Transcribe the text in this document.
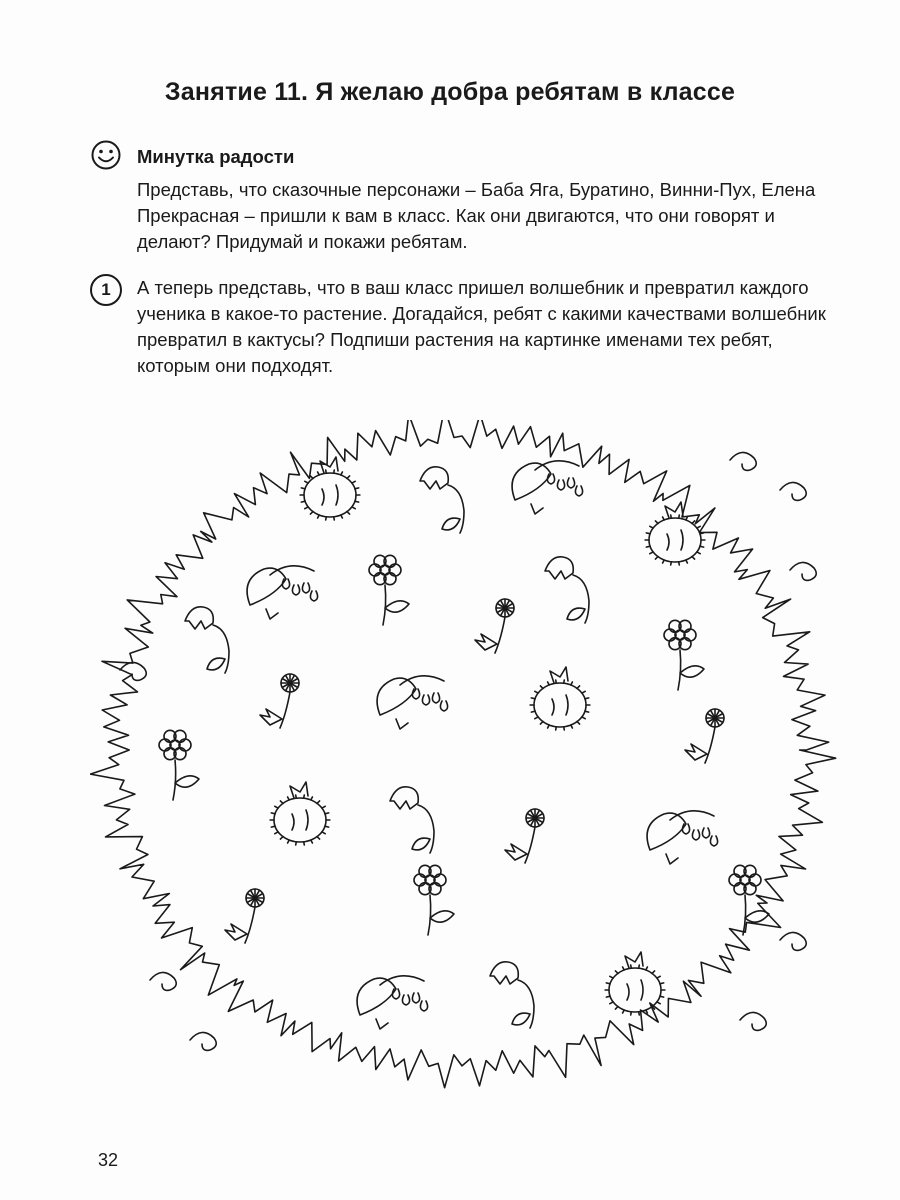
Занятие 11. Я желаю добра ребятам в классе
Минутка радости
Представь, что сказочные персонажи – Баба Яга, Буратино, Винни-Пух, Елена Прекрасная – пришли к вам в класс. Как они двигаются, что они говорят и делают? Придумай и покажи ребятам.
1	А теперь представь, что в ваш класс пришел волшебник и превратил каждого ученика в какое-то растение. Догадайся, ребят с какими качествами волшебник превратил в кактусы? Подпиши растения на картинке именами тех ребят, которым они подходят.
32
